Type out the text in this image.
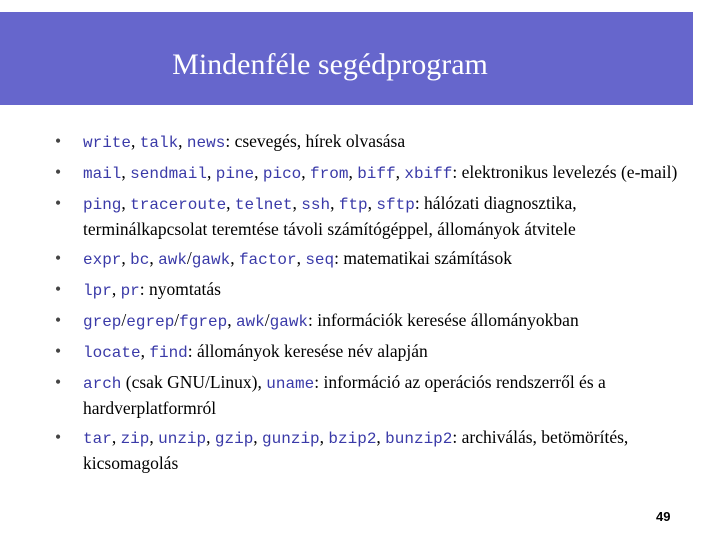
Mindenféle segédprogram
• write, talk, news: csevegés, hírek olvasása
• mail, sendmail, pine, pico, from, biff, xbiff: elektronikus levelezés (e-mail)
• ping, traceroute, telnet, ssh, ftp, sftp: hálózati diagnosztika, terminálkapcsolat teremtése távoli számítógéppel, állományok átvitele
• expr, bc, awk/gawk, factor, seq: matematikai számítások
• lpr, pr: nyomtatás
• grep/egrep/fgrep, awk/gawk: információk keresése állományokban
• locate, find: állományok keresése név alapján
• arch (csak GNU/Linux), uname: információ az operációs rendszerről és a hardverplatformról
• tar, zip, unzip, gzip, gunzip, bzip2, bunzip2: archiválás, betömörítés, kicsomagolás
49
